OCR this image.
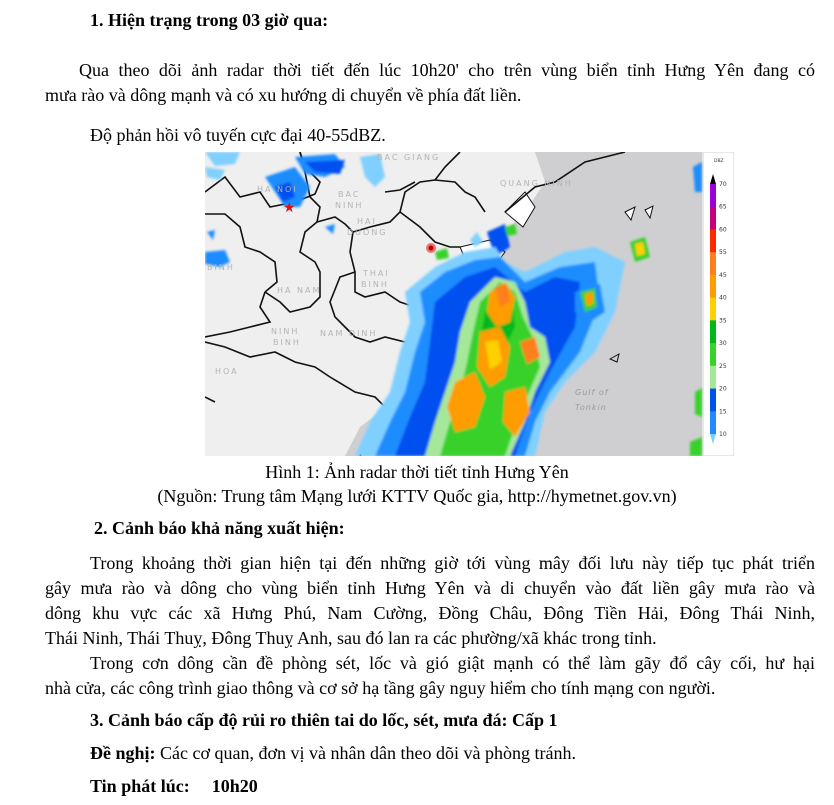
1. Hiện trạng trong 03 giờ qua:
Qua theo dõi ảnh radar thời tiết đến lúc 10h20' cho trên vùng biển tỉnh Hưng Yên đang có
mưa rào và dông mạnh và có xu hướng di chuyển về phía đất liền.
Độ phản hồi vô tuyến cực đại 40-55dBZ.
★
BAC GIANG
QUANG NINH
HA NOI
BAC
NINH
HAI
DUONG
BINH
THAI
BINH
HA NAM
NINH
BINH
NAM DINH
HOA
Gulf of
Tonkin
DBZ
70
65
60
55
45
40
35
30
25
20
15
10
Hình 1: Ảnh radar thời tiết tỉnh Hưng Yên
(Nguồn: Trung tâm Mạng lưới KTTV Quốc gia, http://hymetnet.gov.vn)
2. Cảnh báo khả năng xuất hiện:
Trong khoảng thời gian hiện tại đến những giờ tới vùng mây đối lưu này tiếp tục phát triển
gây mưa rào và dông cho vùng biển tỉnh Hưng Yên và di chuyển vào đất liền gây mưa rào và
dông khu vực các xã Hưng Phú, Nam Cường, Đồng Châu, Đông Tiền Hải, Đông Thái Ninh,
Thái Ninh, Thái Thuỵ, Đông Thuỵ Anh, sau đó lan ra các phường/xã khác trong tỉnh.
Trong cơn dông cần đề phòng sét, lốc và gió giật mạnh có thể làm gãy đổ cây cối, hư hại
nhà cửa, các công trình giao thông và cơ sở hạ tầng gây nguy hiểm cho tính mạng con người.
3. Cảnh báo cấp độ rủi ro thiên tai do lốc, sét, mưa đá: Cấp 1
Đề nghị: Các cơ quan, đơn vị và nhân dân theo dõi và phòng tránh.
Tin phát lúc: 10h20
